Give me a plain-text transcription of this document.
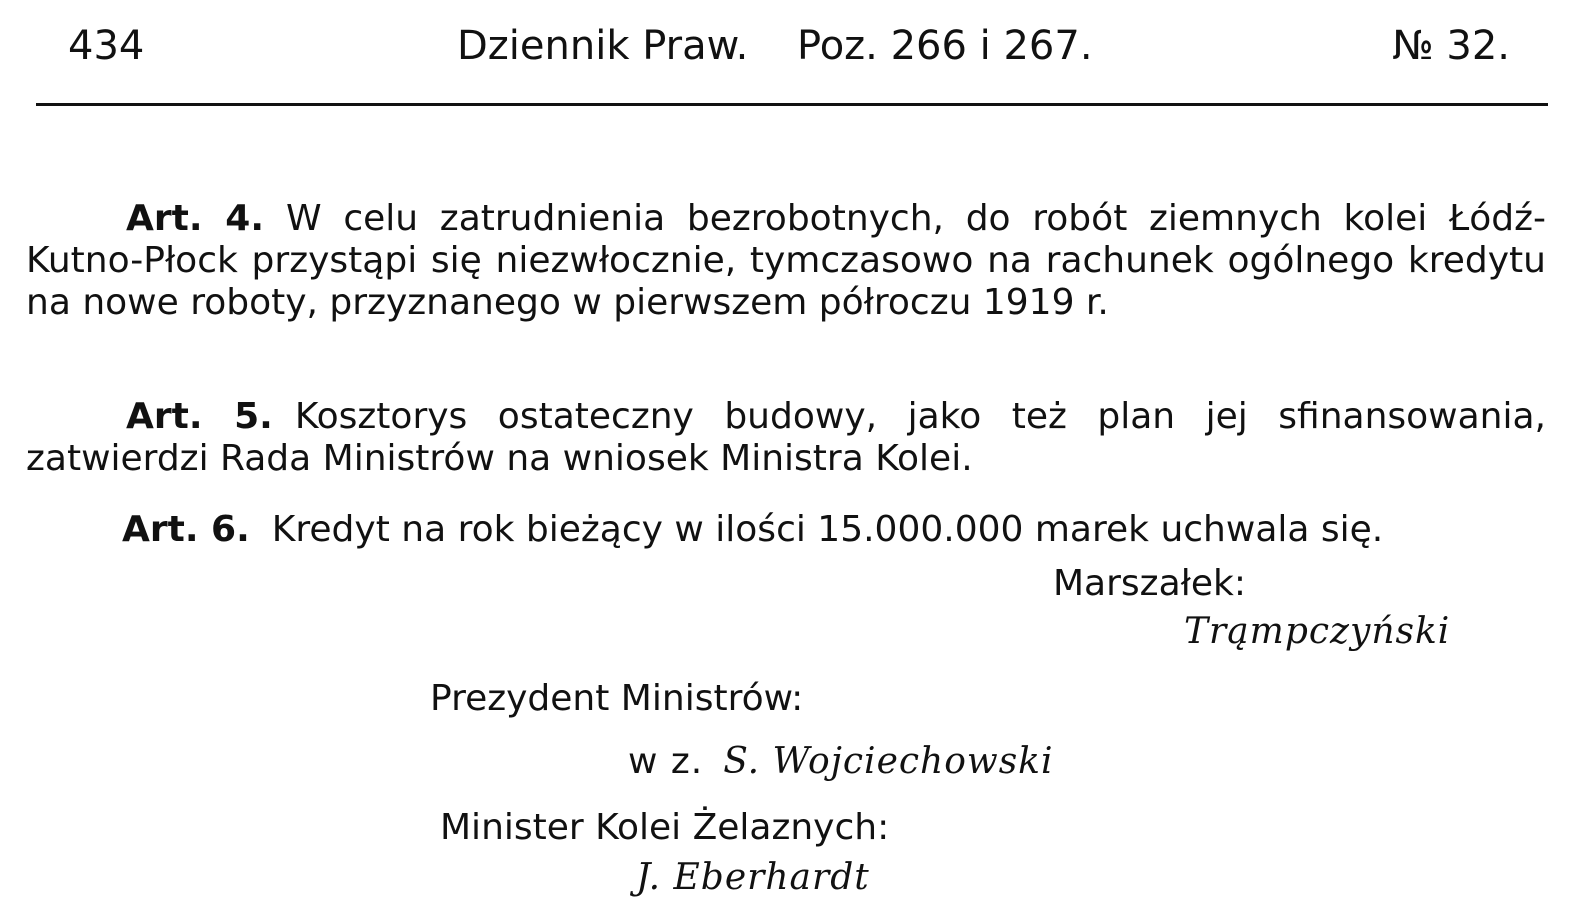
434	Dziennik Praw. Poz. 266 i 267.	№ 32.

Art. 4. W celu zatrudnienia bezrobotnych, do robót ziemnych kolei Łódź-Kutno-Płock przystąpi się niezwłocznie, tymczasowo na rachunek ogólnego kredytu na nowe roboty, przyznanego w pierwszem półroczu 1919 r.

Art. 5. Kosztorys ostateczny budowy, jako też plan jej sfinansowania, zatwierdzi Rada Ministrów na wniosek Ministra Kolei.

Art. 6. Kredyt na rok bieżący w ilości 15.000.000 marek uchwala się.

Marszałek:
Trąmpczyński
Prezydent Ministrów:
w z. S. Wojciechowski
Minister Kolei Żelaznych:
J. Eberhardt
